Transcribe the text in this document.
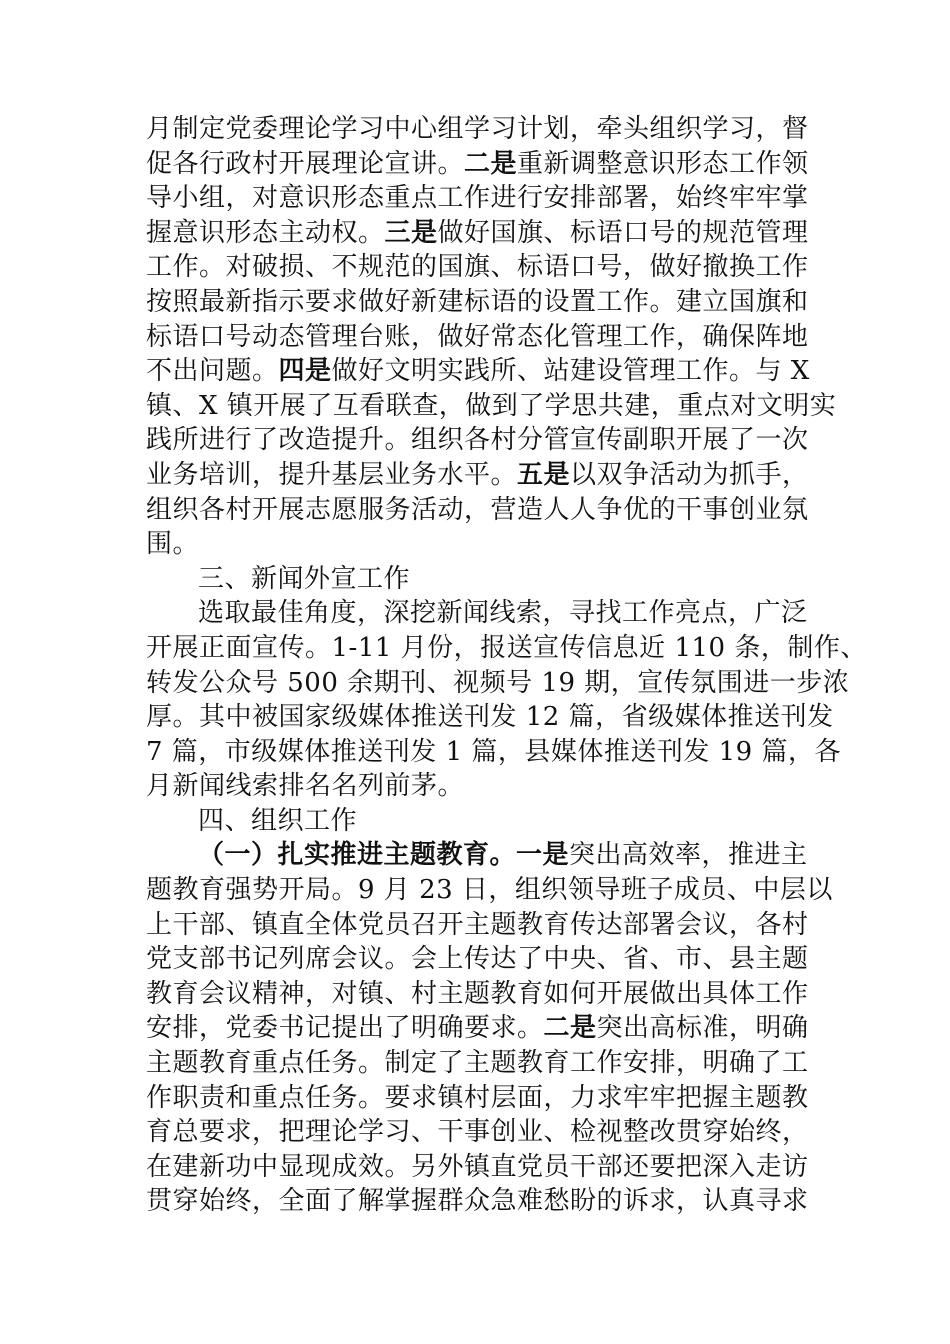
月制定党委理论学习中心组学习计划，牵头组织学习，督
促各行政村开展理论宣讲。二是重新调整意识形态工作领
导小组，对意识形态重点工作进行安排部署，始终牢牢掌
握意识形态主动权。三是做好国旗、标语口号的规范管理
工作。对破损、不规范的国旗、标语口号，做好撤换工作
按照最新指示要求做好新建标语的设置工作。建立国旗和
标语口号动态管理台账，做好常态化管理工作，确保阵地
不出问题。四是做好文明实践所、站建设管理工作。与 X
镇、X 镇开展了互看联查，做到了学思共建，重点对文明实
践所进行了改造提升。组织各村分管宣传副职开展了一次
业务培训，提升基层业务水平。五是以双争活动为抓手，
组织各村开展志愿服务活动，营造人人争优的干事创业氛
围。
三、新闻外宣工作
选取最佳角度，深挖新闻线索，寻找工作亮点，广泛
开展正面宣传。1-11 月份，报送宣传信息近 110 条，制作、
转发公众号 500 余期刊、视频号 19 期，宣传氛围进一步浓
厚。其中被国家级媒体推送刊发 12 篇，省级媒体推送刊发
7 篇，市级媒体推送刊发 1 篇，县媒体推送刊发 19 篇，各
月新闻线索排名名列前茅。
四、组织工作
（一）扎实推进主题教育。一是突出高效率，推进主
题教育强势开局。9 月 23 日，组织领导班子成员、中层以
上干部、镇直全体党员召开主题教育传达部署会议，各村
党支部书记列席会议。会上传达了中央、省、市、县主题
教育会议精神，对镇、村主题教育如何开展做出具体工作
安排，党委书记提出了明确要求。二是突出高标准，明确
主题教育重点任务。制定了主题教育工作安排，明确了工
作职责和重点任务。要求镇村层面，力求牢牢把握主题教
育总要求，把理论学习、干事创业、检视整改贯穿始终，
在建新功中显现成效。另外镇直党员干部还要把深入走访
贯穿始终，全面了解掌握群众急难愁盼的诉求，认真寻求
